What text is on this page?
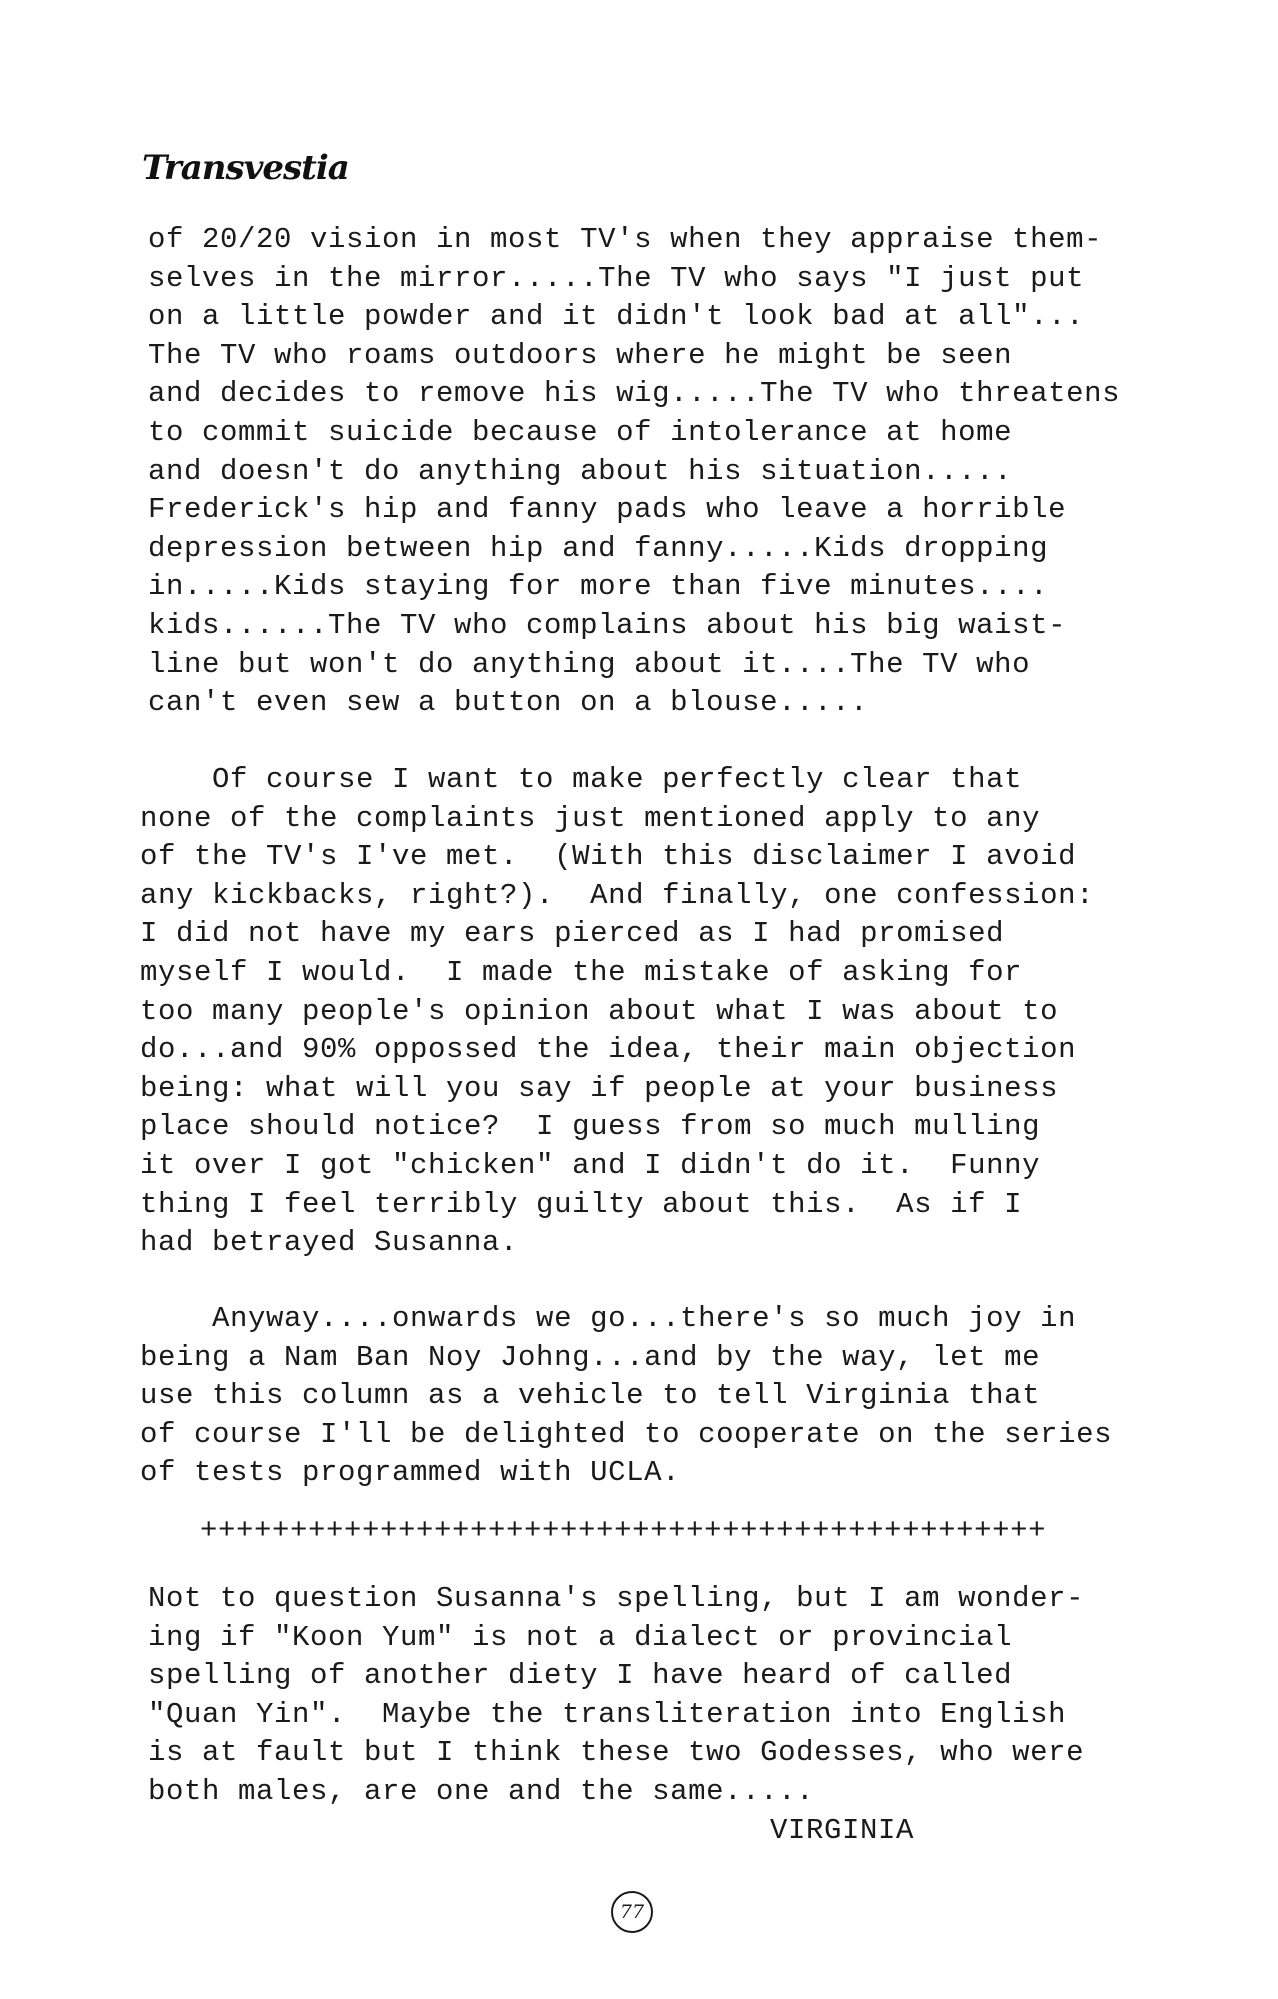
Transvestia
of 20/20 vision in most TV's when they appraise them-
selves in the mirror.....The TV who says "I just put
on a little powder and it didn't look bad at all"...
The TV who roams outdoors where he might be seen
and decides to remove his wig.....The TV who threatens
to commit suicide because of intolerance at home
and doesn't do anything about his situation.....
Frederick's hip and fanny pads who leave a horrible
depression between hip and fanny.....Kids dropping
in.....Kids staying for more than five minutes....
kids......The TV who complains about his big waist-
line but won't do anything about it....The TV who
can't even sew a button on a blouse.....
Of course I want to make perfectly clear that
none of the complaints just mentioned apply to any
of the TV's I've met.  (With this disclaimer I avoid
any kickbacks, right?).  And finally, one confession:
I did not have my ears pierced as I had promised
myself I would.  I made the mistake of asking for
too many people's opinion about what I was about to
do...and 90% oppossed the idea, their main objection
being: what will you say if people at your business
place should notice?  I guess from so much mulling
it over I got "chicken" and I didn't do it.  Funny
thing I feel terribly guilty about this.  As if I
had betrayed Susanna.
Anyway....onwards we go...there's so much joy in
being a Nam Ban Noy Johng...and by the way, let me
use this column as a vehicle to tell Virginia that
of course I'll be delighted to cooperate on the series
of tests programmed with UCLA.
+++++++++++++++++++++++++++++++++++++++++++++++
Not to question Susanna's spelling, but I am wonder-
ing if "Koon Yum" is not a dialect or provincial
spelling of another diety I have heard of called
"Quan Yin".  Maybe the transliteration into English
is at fault but I think these two Godesses, who were
both males, are one and the same.....
VIRGINIA
77
